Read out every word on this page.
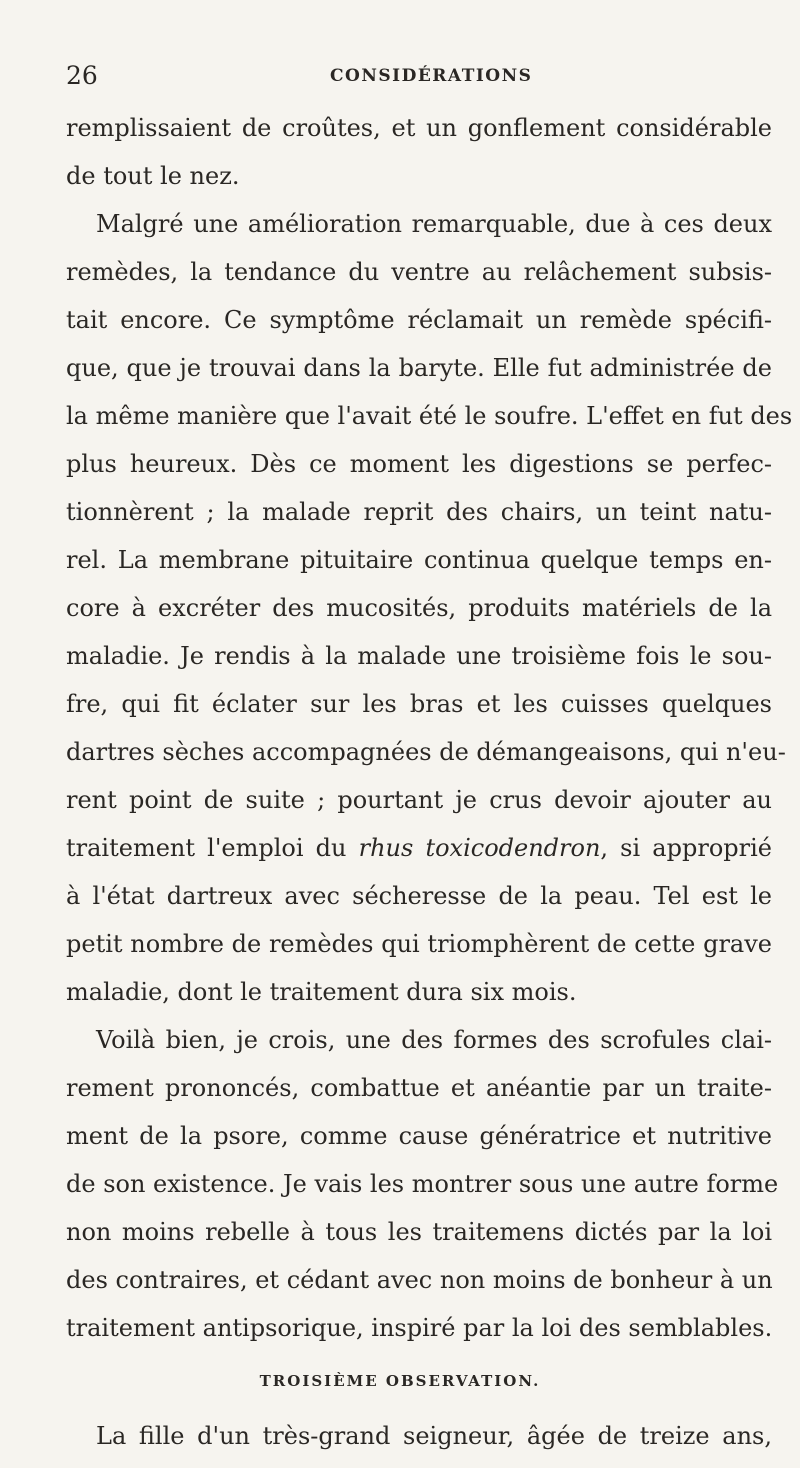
26	CONSIDÉRATIONS
remplissaient de croûtes, et un gonflement considérable
de tout le nez.
Malgré une amélioration remarquable, due à ces deux
remèdes, la tendance du ventre au relâchement subsis-
tait encore. Ce symptôme réclamait un remède spécifi-
que, que je trouvai dans la baryte. Elle fut administrée de
la même manière que l'avait été le soufre. L'effet en fut des
plus heureux. Dès ce moment les digestions se perfec-
tionnèrent ; la malade reprit des chairs, un teint natu-
rel. La membrane pituitaire continua quelque temps en-
core à excréter des mucosités, produits matériels de la
maladie. Je rendis à la malade une troisième fois le sou-
fre, qui fit éclater sur les bras et les cuisses quelques
dartres sèches accompagnées de démangeaisons, qui n'eu-
rent point de suite ; pourtant je crus devoir ajouter au
traitement l'emploi du rhus toxicodendron, si approprié
à l'état dartreux avec sécheresse de la peau. Tel est le
petit nombre de remèdes qui triomphèrent de cette grave
maladie, dont le traitement dura six mois.
Voilà bien, je crois, une des formes des scrofules clai-
rement prononcés, combattue et anéantie par un traite-
ment de la psore, comme cause génératrice et nutritive
de son existence. Je vais les montrer sous une autre forme
non moins rebelle à tous les traitemens dictés par la loi
des contraires, et cédant avec non moins de bonheur à un
traitement antipsorique, inspiré par la loi des semblables.
TROISIÈME OBSERVATION.
La fille d'un très-grand seigneur, âgée de treize ans,
